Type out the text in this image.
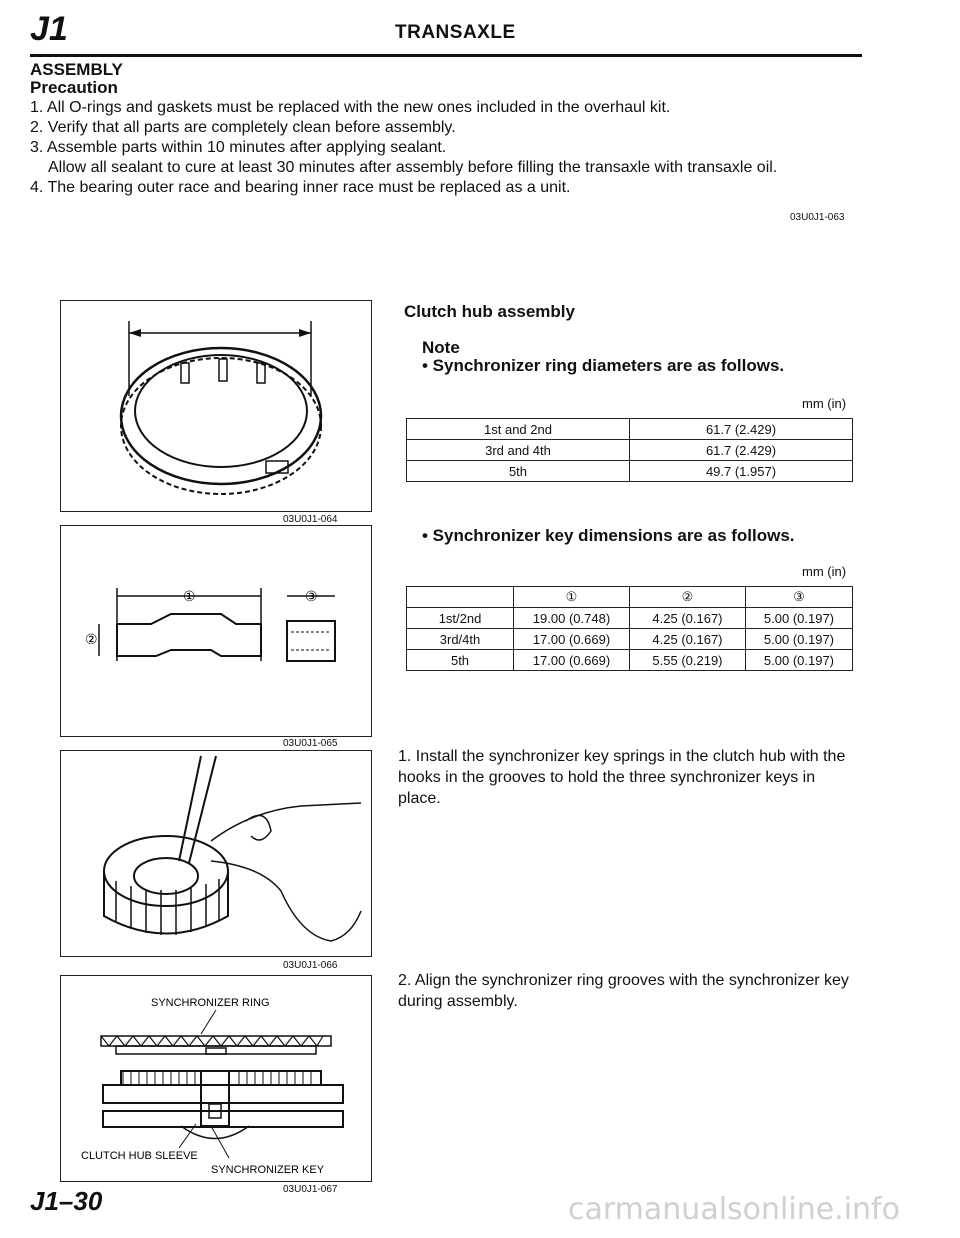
J1	TRANSAXLE
ASSEMBLY
Precaution
1. All O-rings and gaskets must be replaced with the new ones included in the overhaul kit.
2. Verify that all parts are completely clean before assembly.
3. Assemble parts within 10 minutes after applying sealant.
Allow all sealant to cure at least 30 minutes after assembly before filling the transaxle with transaxle oil.
4. The bearing outer race and bearing inner race must be replaced as a unit.
03U0J1-063
03U0J1-064
①
②
③
03U0J1-065
03U0J1-066
SYNCHRONIZER RING
CLUTCH HUB SLEEVE
SYNCHRONIZER KEY
03U0J1-067
Clutch hub assembly
Note
• Synchronizer ring diameters are as follows.
mm (in)
1st and 2nd	61.7 (2.429)
3rd and 4th	61.7 (2.429)
5th	49.7 (1.957)
• Synchronizer key dimensions are as follows.
mm (in)
	①	②	③
1st/2nd	19.00 (0.748)	4.25 (0.167)	5.00 (0.197)
3rd/4th	17.00 (0.669)	4.25 (0.167)	5.00 (0.197)
5th	17.00 (0.669)	5.55 (0.219)	5.00 (0.197)
1. Install the synchronizer key springs in the clutch hub with the hooks in the grooves to hold the three synchronizer keys in place.
2. Align the synchronizer ring grooves with the synchronizer key during assembly.
J1–30	carmanualsonline.info
